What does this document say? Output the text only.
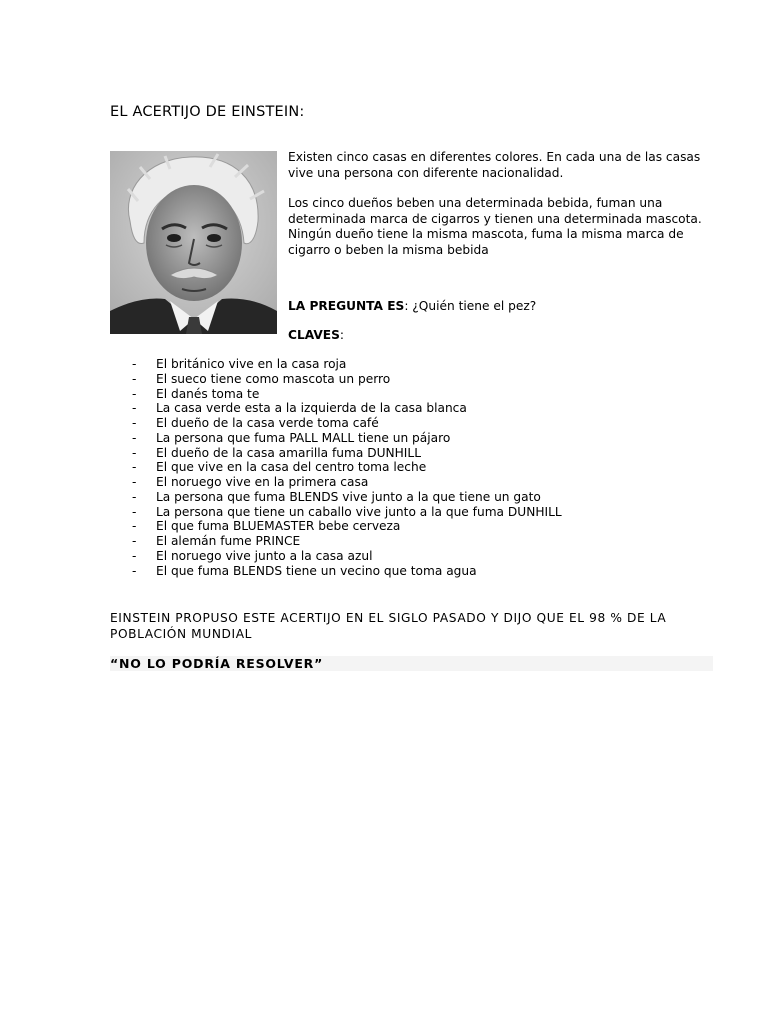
EL ACERTIJO DE EINSTEIN:

Existen cinco casas en diferentes colores. En cada una de las casas vive una persona con diferente nacionalidad.

Los cinco dueños beben una determinada bebida, fuman una determinada marca de cigarros y tienen una determinada mascota. Ningún dueño tiene la misma mascota, fuma la misma marca de cigarro o beben la misma bebida

LA PREGUNTA ES: ¿Quién tiene el pez?
CLAVES:
-	El británico vive en la casa roja
-	El sueco tiene como mascota un perro
-	El danés toma te
-	La casa verde esta a la izquierda de la casa blanca
-	El dueño de la casa verde toma café
-	La persona que fuma PALL MALL tiene un pájaro
-	El dueño de la casa amarilla fuma DUNHILL
-	El que vive en la casa del centro toma leche
-	El noruego vive en la primera casa
-	La persona que fuma BLENDS vive junto a la que tiene un gato
-	La persona que tiene un caballo vive junto a la que fuma DUNHILL
-	El que fuma BLUEMASTER bebe cerveza
-	El alemán fume PRINCE
-	El noruego vive junto a la casa azul
-	El que fuma BLENDS tiene un vecino que toma agua
EINSTEIN PROPUSO ESTE ACERTIJO EN EL SIGLO PASADO Y DIJO QUE EL 98 % DE LA POBLACIÓN MUNDIAL
“NO LO PODRÍA RESOLVER”
